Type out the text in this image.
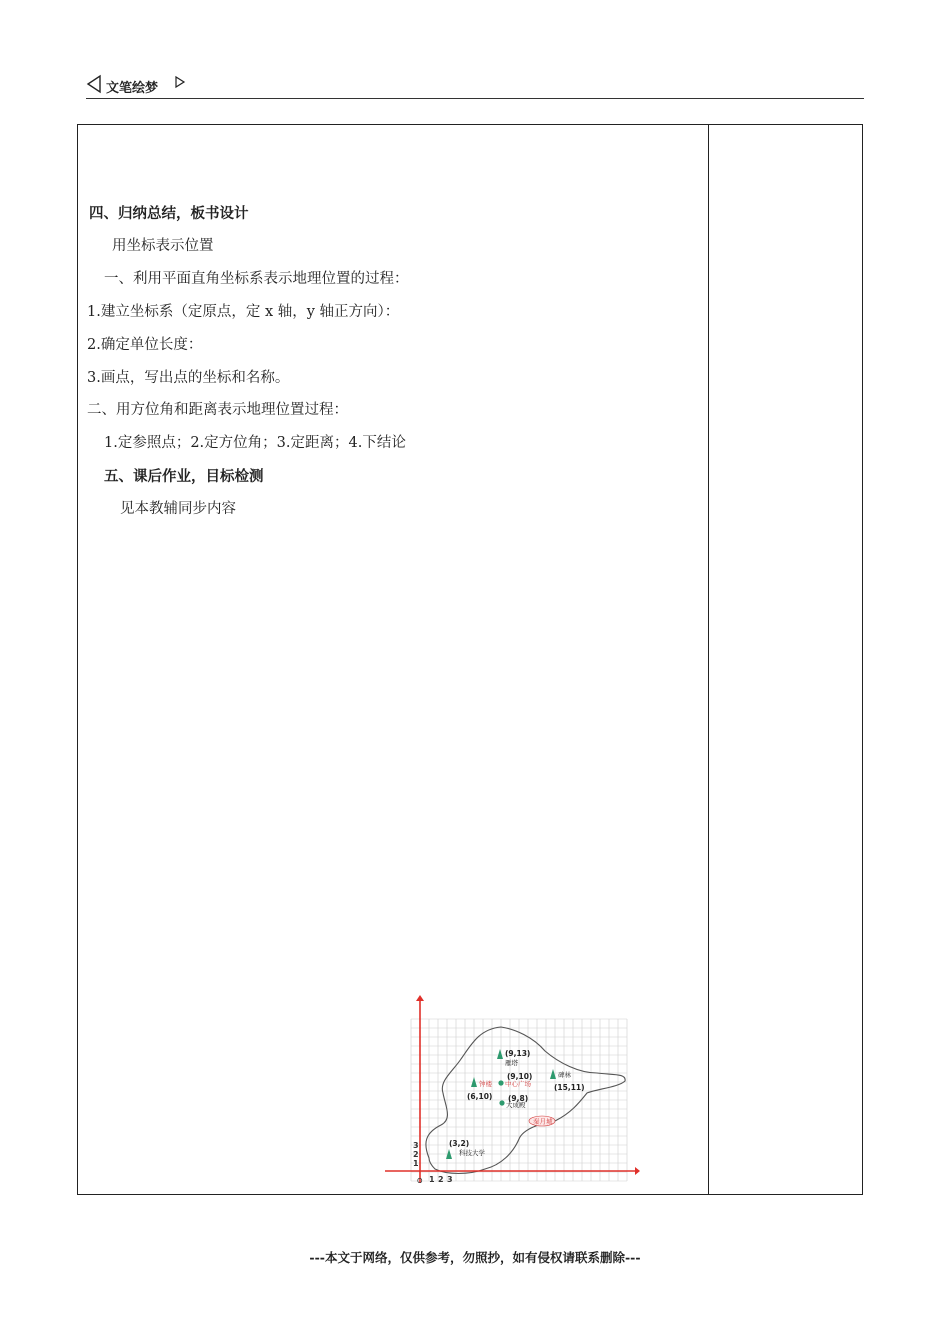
文笔绘梦
四、归纳总结，板书设计
用坐标表示位置
一、利用平面直角坐标系表示地理位置的过程：
1.建立坐标系（定原点，定 x 轴，y 轴正方向）：
2.确定单位长度：
3.画点，写出点的坐标和名称。
二、用方位角和距离表示地理位置过程：
1.定参照点；2.定方位角；3.定距离；4.下结论
五、课后作业，目标检测
见本教辅同步内容
O 1 2 3
1
2
3
(9,13)
雁塔
(9,10)
中心广场
钟楼
(6,10)
碑林
(15,11)
(9,8)
大成殿
(3,2)
科技大学
秦月城
---本文于网络，仅供参考，勿照抄，如有侵权请联系删除---
